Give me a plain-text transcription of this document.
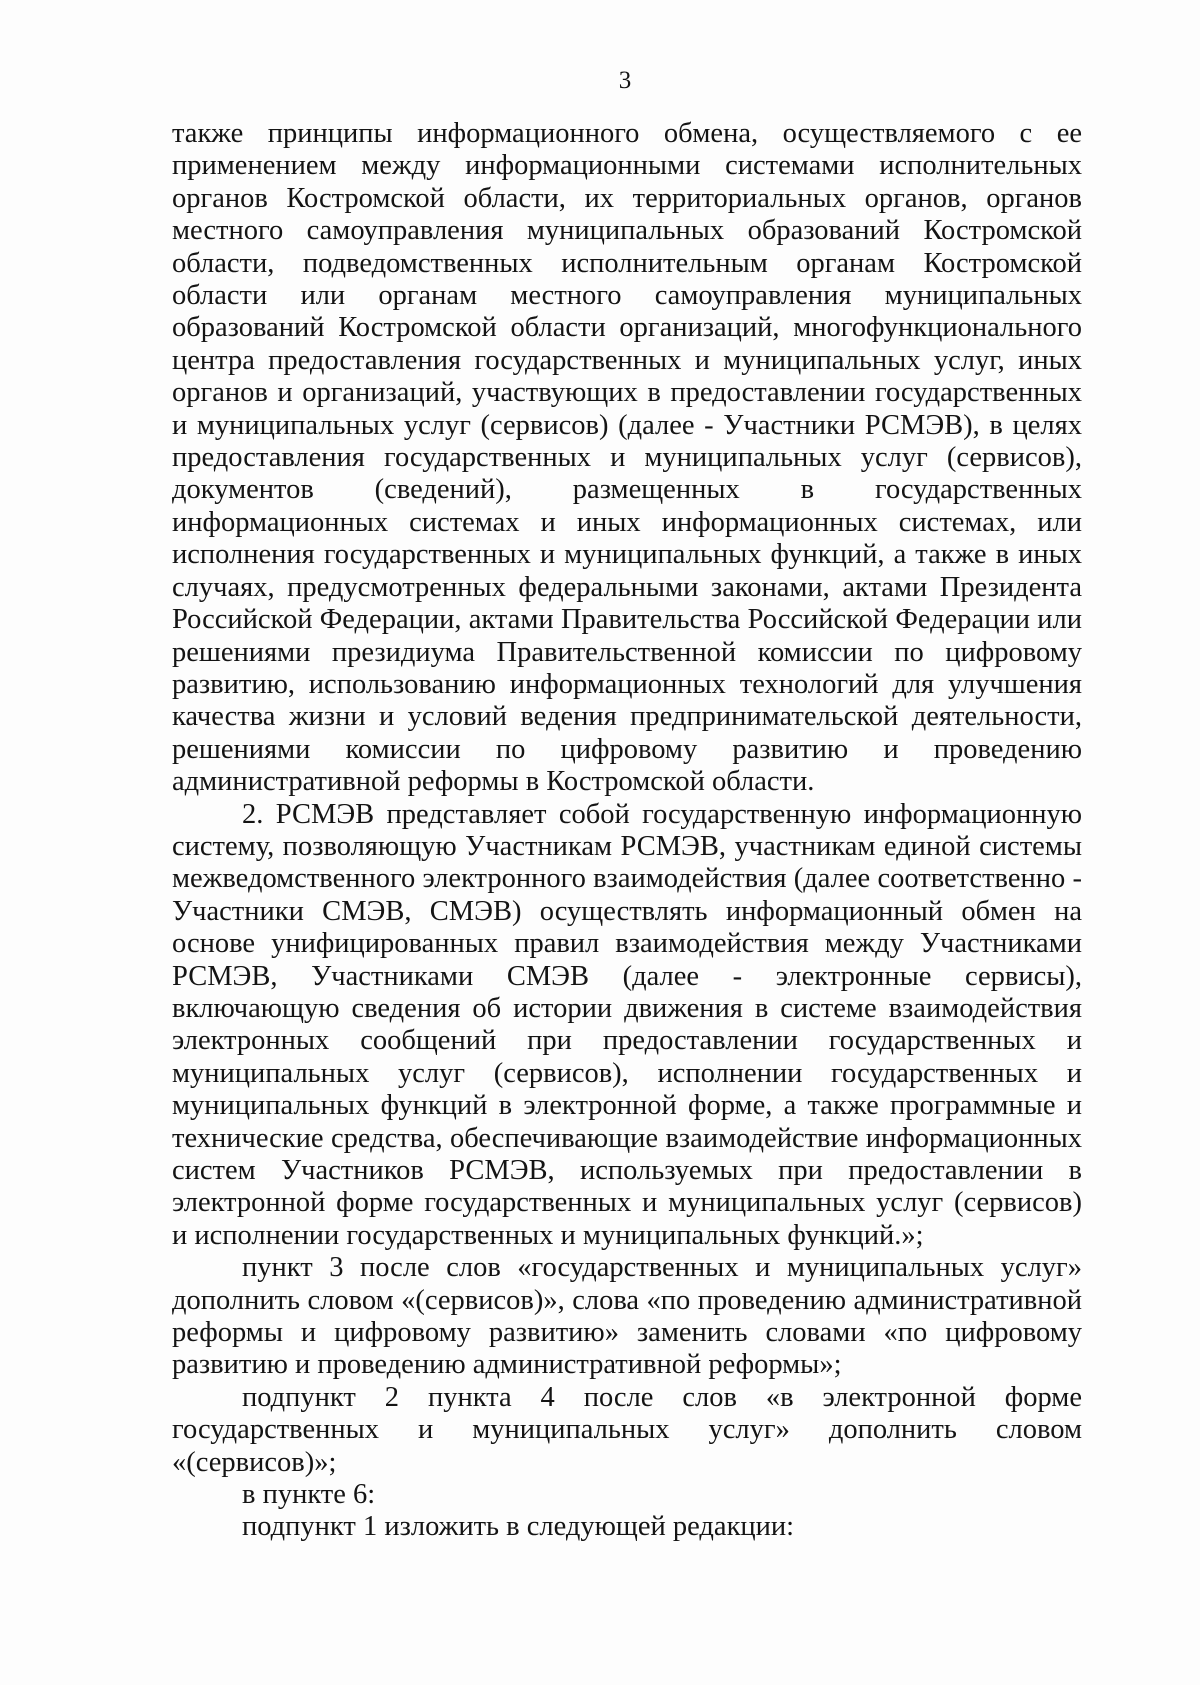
3

также принципы информационного обмена, осуществляемого с ее применением между информационными системами исполнительных органов Костромской области, их территориальных органов, органов местного самоуправления муниципальных образований Костромской области, подведомственных исполнительным органам Костромской области или органам местного самоуправления муниципальных образований Костромской области организаций, многофункционального центра предоставления государственных и муниципальных услуг, иных органов и организаций, участвующих в предоставлении государственных и муниципальных услуг (сервисов) (далее - Участники РСМЭВ), в целях предоставления государственных и муниципальных услуг (сервисов), документов (сведений), размещенных в государственных информационных системах и иных информационных системах, или исполнения государственных и муниципальных функций, а также в иных случаях, предусмотренных федеральными законами, актами Президента Российской Федерации, актами Правительства Российской Федерации или решениями президиума Правительственной комиссии по цифровому развитию, использованию информационных технологий для улучшения качества жизни и условий ведения предпринимательской деятельности, решениями комиссии по цифровому развитию и проведению административной реформы в Костромской области.

2. РСМЭВ представляет собой государственную информационную систему, позволяющую Участникам РСМЭВ, участникам единой системы межведомственного электронного взаимодействия (далее соответственно - Участники СМЭВ, СМЭВ) осуществлять информационный обмен на основе унифицированных правил взаимодействия между Участниками РСМЭВ, Участниками СМЭВ (далее - электронные сервисы), включающую сведения об истории движения в системе взаимодействия электронных сообщений при предоставлении государственных и муниципальных услуг (сервисов), исполнении государственных и муниципальных функций в электронной форме, а также программные и технические средства, обеспечивающие взаимодействие информационных систем Участников РСМЭВ, используемых при предоставлении в электронной форме государственных и муниципальных услуг (сервисов) и исполнении государственных и муниципальных функций.»;

пункт 3 после слов «государственных и муниципальных услуг» дополнить словом «(сервисов)», слова «по проведению административной реформы и цифровому развитию» заменить словами «по цифровому развитию и проведению административной реформы»;

подпункт 2 пункта 4 после слов «в электронной форме государственных и муниципальных услуг» дополнить словом «(сервисов)»;

в пункте 6:

подпункт 1 изложить в следующей редакции:
